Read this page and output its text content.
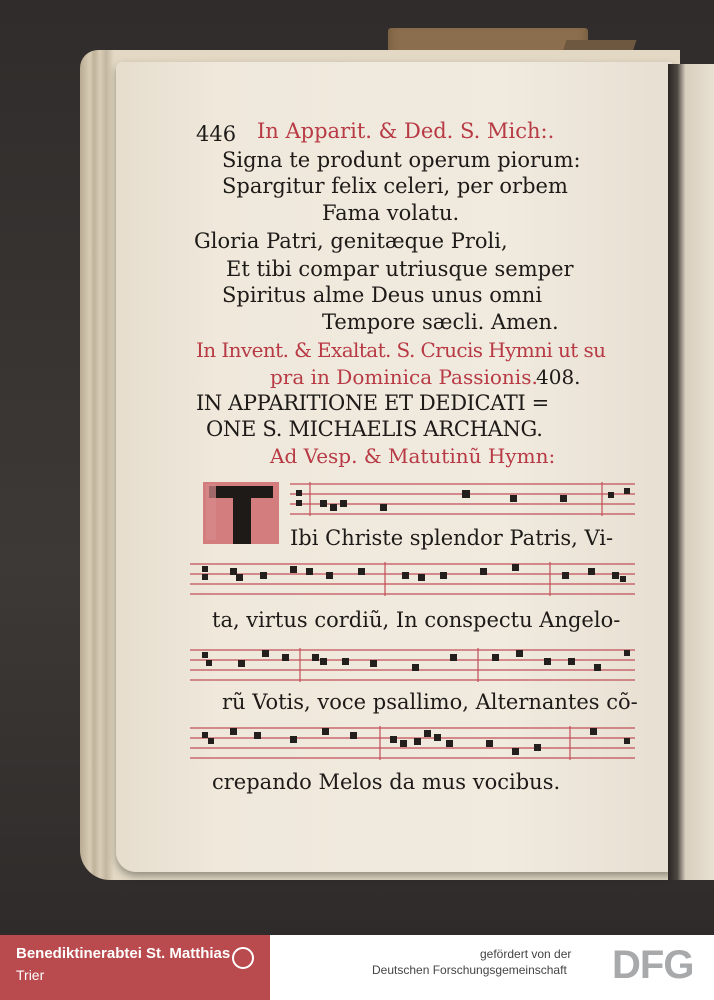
446 In Apparit. & Ded. S. Mich:.
Signa te produnt operum piorum:
Spargitur felix celeri, per orbem
Fama volatu.
Gloria Patri, genitæque Proli,
Et tibi compar utriusque semper
Spiritus alme Deus unus omni
Tempore sæcli. Amen.
In Invent. & Exaltat. S. Crucis Hymni ut su
pra in Dominica Passionis.
408.
IN APPARITIONE ET DEDICATI =
ONE S. MICHAELIS ARCHANG.
Ad Vesp. & Matutinũ Hymn:
Ibi Christe splendor Patris, Vi-
ta, virtus cordiũ, In conspectu Angelo-
rũ Votis, voce psallimo, Alternantes cõ-
crepando Melos da mus vocibus.
Benediktinerabtei St. Matthias
Trier
gefördert von der
Deutschen Forschungsgemeinschaft DFG
